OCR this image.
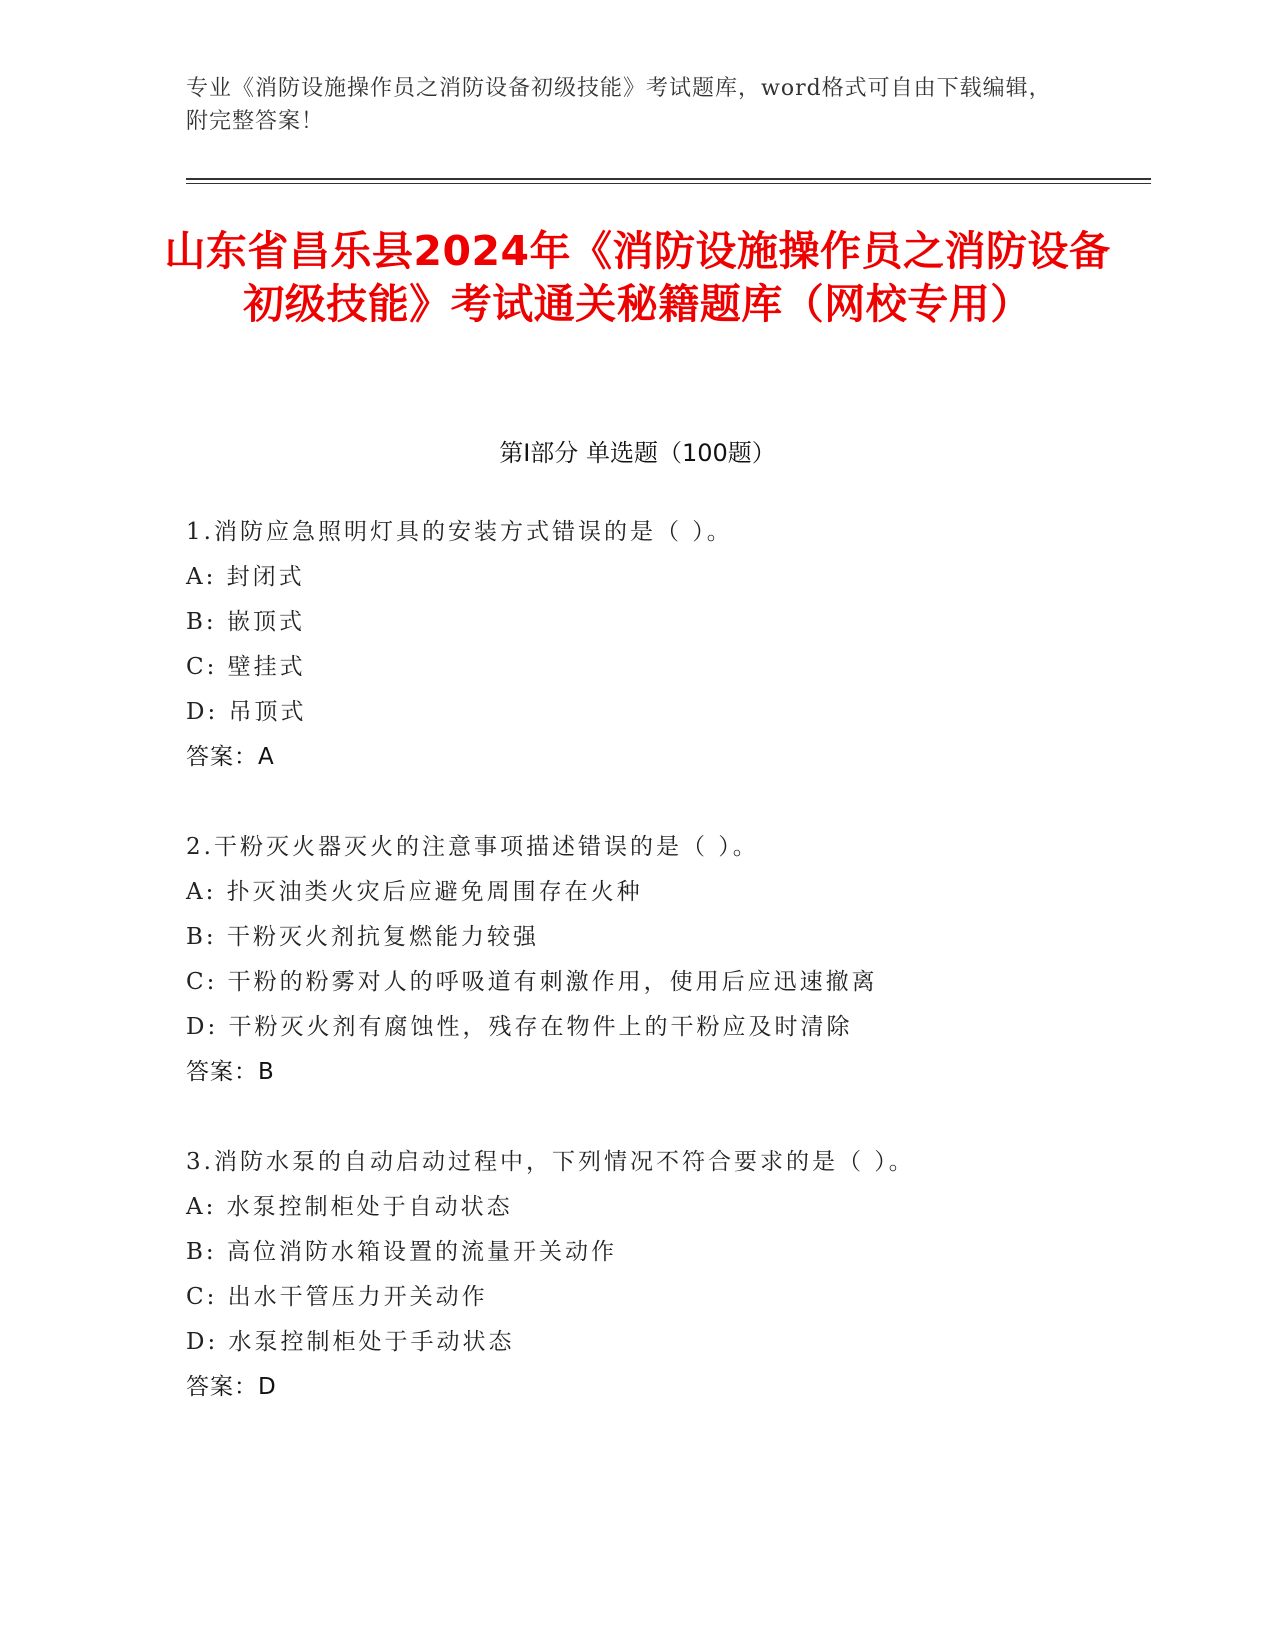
专业《消防设施操作员之消防设备初级技能》考试题库，word格式可自由下载编辑，附完整答案！
山东省昌乐县2024年《消防设施操作员之消防设备初级技能》考试通关秘籍题库（网校专用）
第I部分 单选题（100题）
1.消防应急照明灯具的安装方式错误的是（ ）。
A: 封闭式
B: 嵌顶式
C: 壁挂式
D: 吊顶式
答案：A
2.干粉灭火器灭火的注意事项描述错误的是（ ）。
A: 扑灭油类火灾后应避免周围存在火种
B: 干粉灭火剂抗复燃能力较强
C: 干粉的粉雾对人的呼吸道有刺激作用，使用后应迅速撤离
D: 干粉灭火剂有腐蚀性，残存在物件上的干粉应及时清除
答案：B
3.消防水泵的自动启动过程中，下列情况不符合要求的是（ ）。
A: 水泵控制柜处于自动状态
B: 高位消防水箱设置的流量开关动作
C: 出水干管压力开关动作
D: 水泵控制柜处于手动状态
答案：D
